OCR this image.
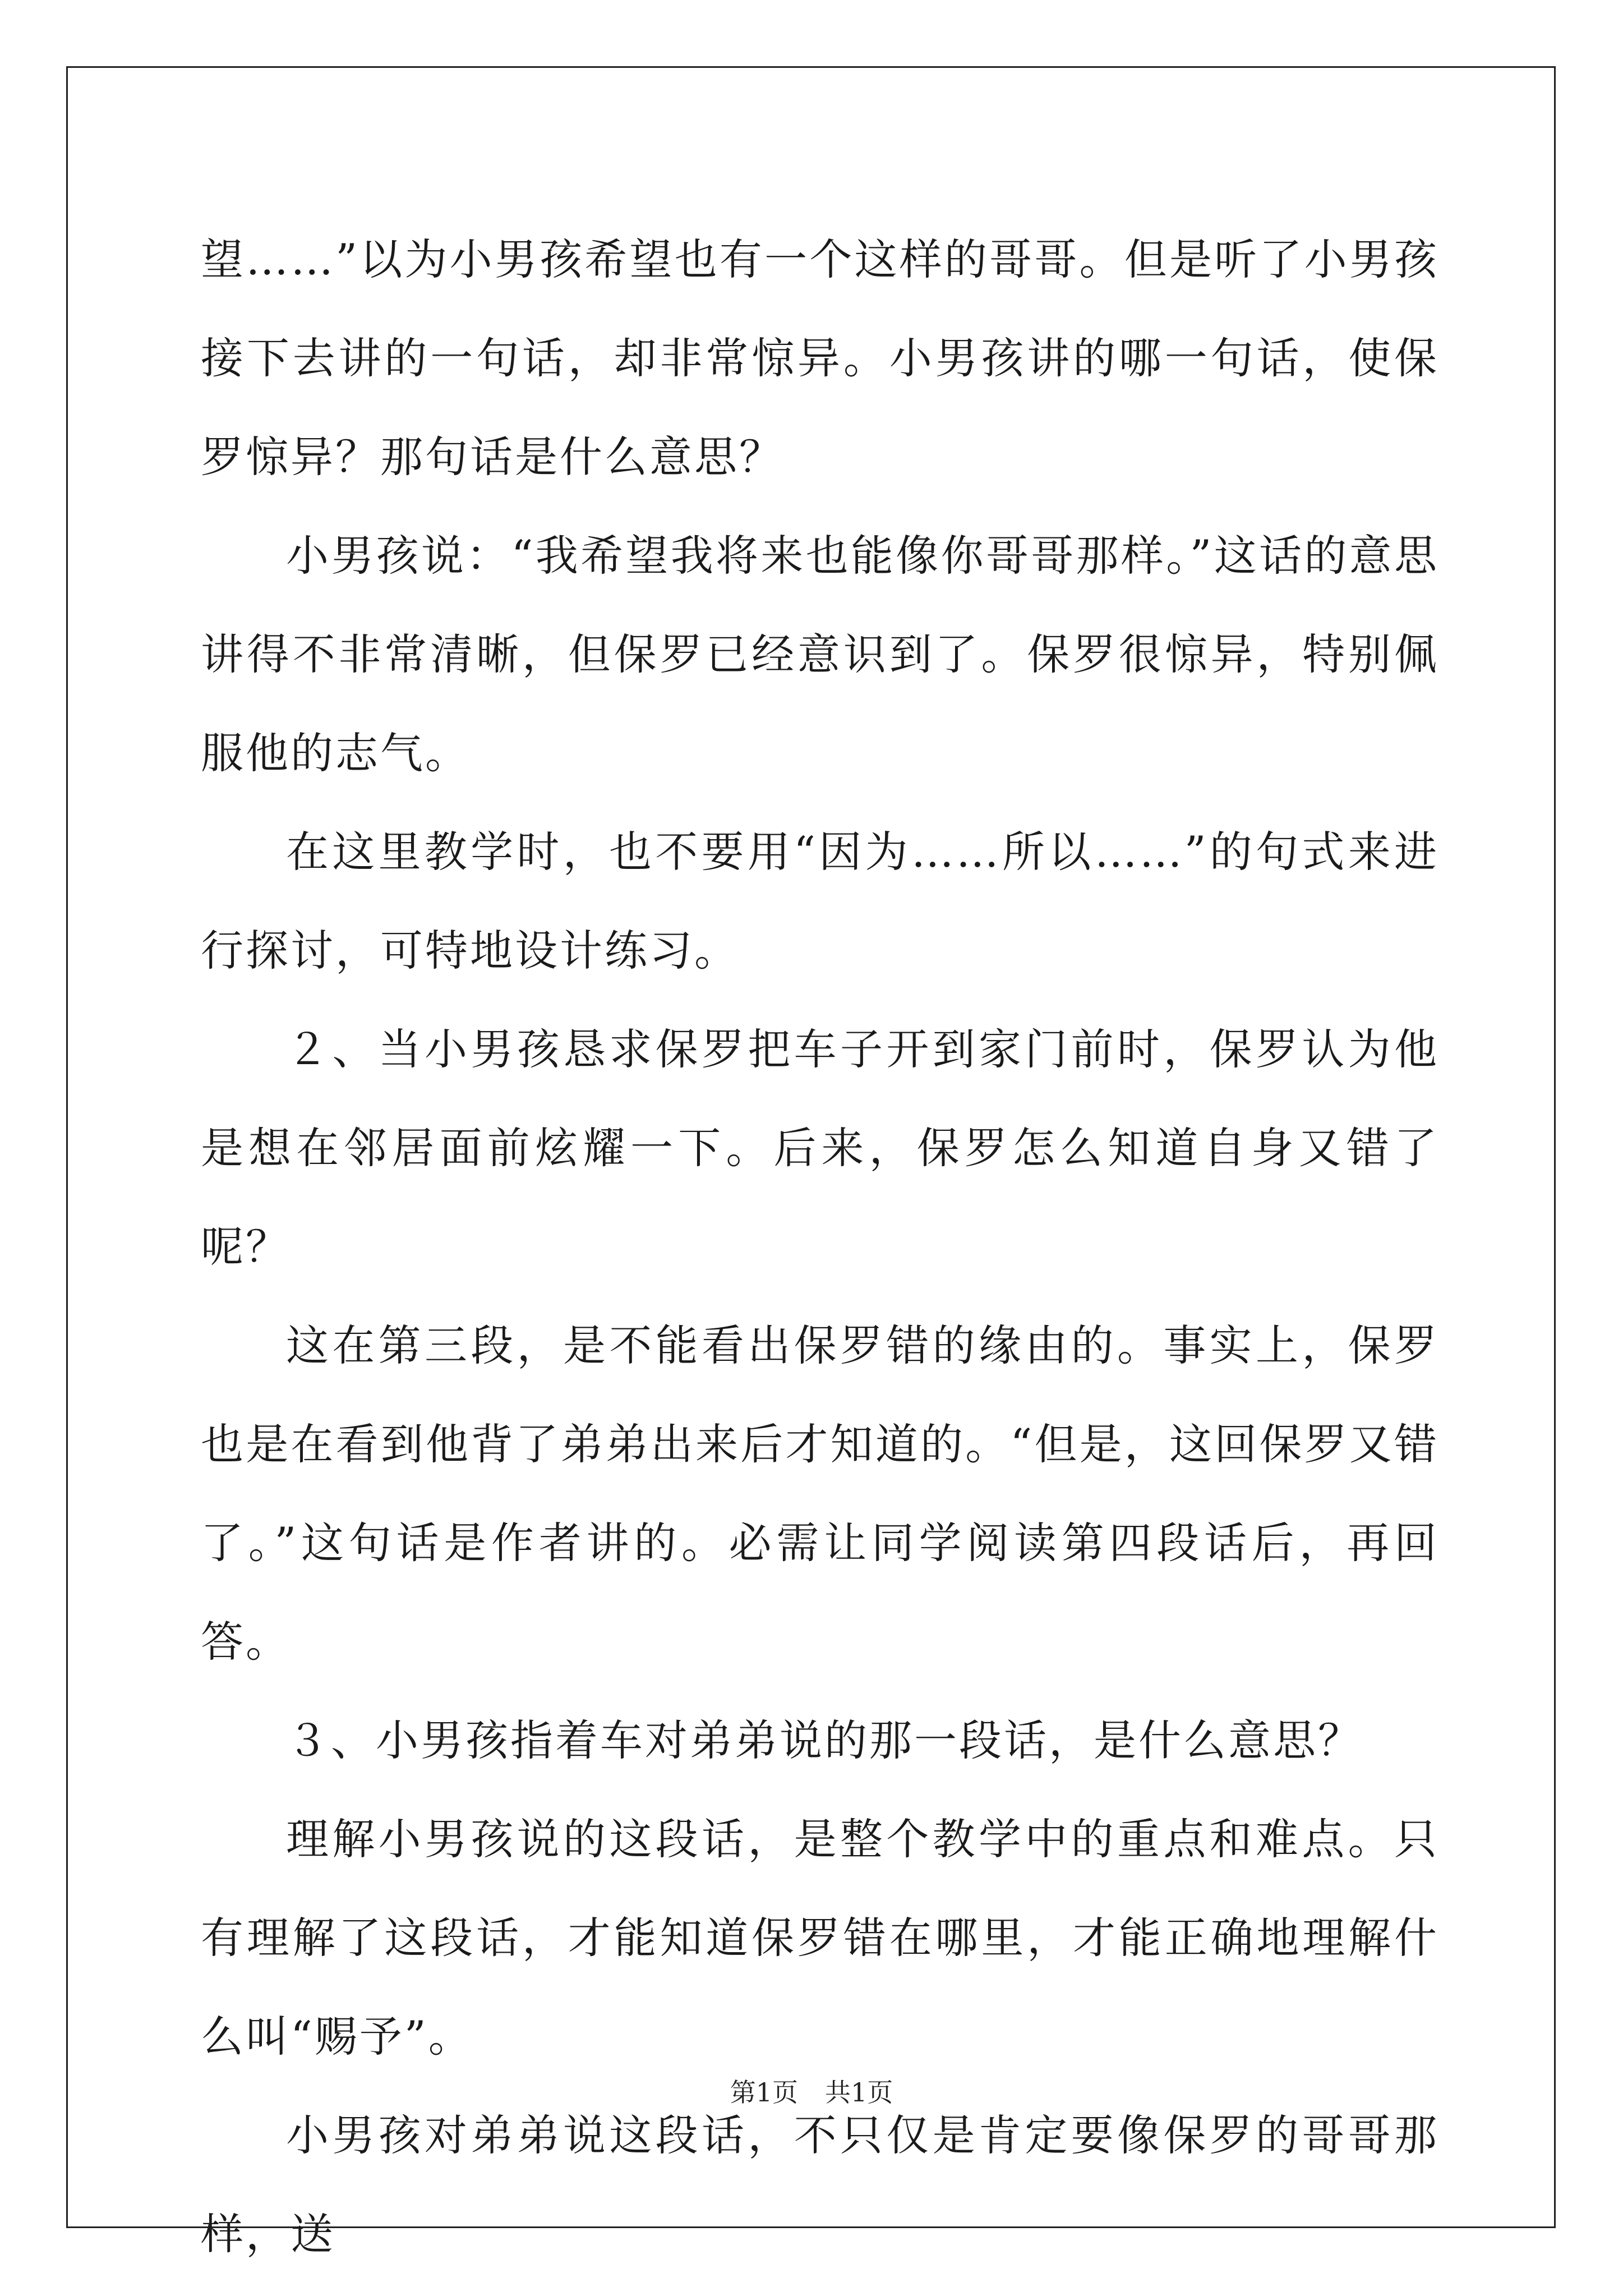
望……”以为小男孩希望也有一个这样的哥哥。但是听了小男孩接下去讲的一句话，却非常惊异。小男孩讲的哪一句话，使保罗惊异？那句话是什么意思？

小男孩说：“我希望我将来也能像你哥哥那样。”这话的意思讲得不非常清晰，但保罗已经意识到了。保罗很惊异，特别佩服他的志气。

在这里教学时，也不要用“因为……所以……”的句式来进行探讨，可特地设计练习。

２、当小男孩恳求保罗把车子开到家门前时，保罗认为他是想在邻居面前炫耀一下。后来，保罗怎么知道自身又错了呢？

这在第三段，是不能看出保罗错的缘由的。事实上，保罗也是在看到他背了弟弟出来后才知道的。“但是，这回保罗又错了。”这句话是作者讲的。必需让同学阅读第四段话后，再回答。

３、小男孩指着车对弟弟说的那一段话，是什么意思？

理解小男孩说的这段话，是整个教学中的重点和难点。只有理解了这段话，才能知道保罗错在哪里，才能正确地理解什么叫“赐予”。

小男孩对弟弟说这段话，不只仅是肯定要像保罗的哥哥那样，送

第1页 共1页
